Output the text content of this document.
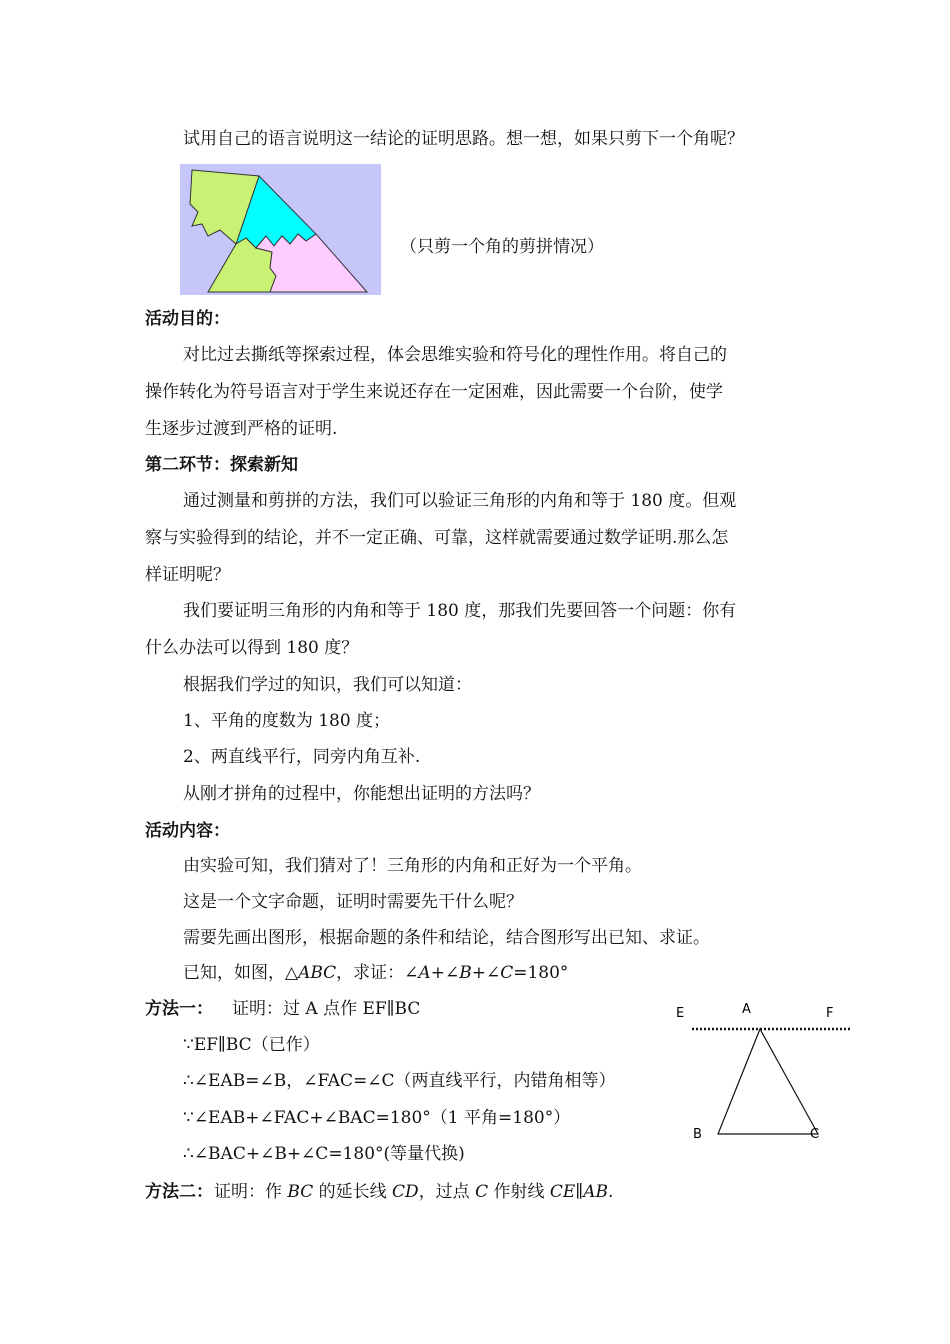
试用自己的语言说明这一结论的证明思路。想一想，如果只剪下一个角呢？
（只剪一个角的剪拼情况）
活动目的：
对比过去撕纸等探索过程，体会思维实验和符号化的理性作用。将自己的
操作转化为符号语言对于学生来说还存在一定困难，因此需要一个台阶，使学
生逐步过渡到严格的证明.
第二环节：探索新知
通过测量和剪拼的方法，我们可以验证三角形的内角和等于 180 度。但观
察与实验得到的结论，并不一定正确、可靠，这样就需要通过数学证明.那么怎
样证明呢？
我们要证明三角形的内角和等于 180 度，那我们先要回答一个问题：你有
什么办法可以得到 180 度？
根据我们学过的知识，我们可以知道：
1、平角的度数为 180 度；
2、两直线平行，同旁内角互补.
从刚才拼角的过程中，你能想出证明的方法吗？
活动内容：
由实验可知，我们猜对了！三角形的内角和正好为一个平角。
这是一个文字命题，证明时需要先干什么呢？
需要先画出图形，根据命题的条件和结论，结合图形写出已知、求证。
已知，如图，△ABC，求证：∠A+∠B+∠C=180°
方法一： 证明：过 A 点作 EF∥BC
∵EF∥BC（已作）
∴∠EAB=∠B，∠FAC=∠C（两直线平行，内错角相等）
∵∠EAB+∠FAC+∠BAC=180°（1 平角=180°）
∴∠BAC+∠B+∠C=180°(等量代换)
方法二： 证明：作 BC 的延长线 CD，过点 C 作射线 CE∥AB.
E	A	F
B	C
